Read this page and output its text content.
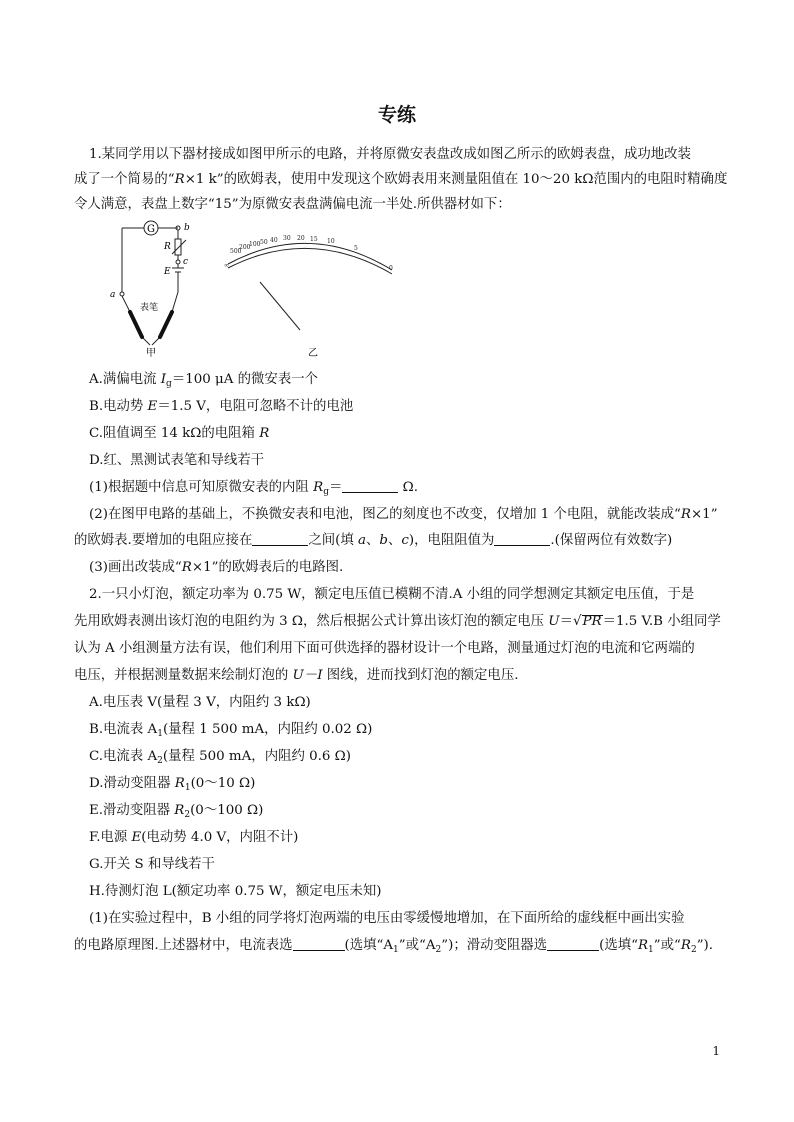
专练
1.某同学用以下器材接成如图甲所示的电路，并将原微安表盘改成如图乙所示的欧姆表盘，成功地改装
成了一个简易的“R×1 k”的欧姆表，使用中发现这个欧姆表用来测量阻值在 10～20 kΩ范围内的电阻时精确度
令人满意，表盘上数字“15”为原微安表盘满偏电流一半处.所供器材如下：
G	b
R
c
E
a
表笔
甲
∞
500
200
100 50 40 30 20 15 10
5
0
乙
A.满偏电流 $I_g=100$ μA 的微安表一个
B.电动势 E＝1.5 V，电阻可忽略不计的电池
C.阻值调至 14 kΩ的电阻箱 R
D.红、黑测试表笔和导线若干
(1)根据题中信息可知原微安表的内阻 $R_g=$	Ω.
(2)在图甲电路的基础上，不换微安表和电池，图乙的刻度也不改变，仅增加 1 个电阻，就能改装成“R×1”
的欧姆表.要增加的电阻应接在	之间(填 a、b、c)，电阻阻值为	.(保留两位有效数字)
(3)画出改装成“R×1”的欧姆表后的电路图.
2.一只小灯泡，额定功率为 0.75 W，额定电压值已模糊不清.A 小组的同学想测定其额定电压值，于是
先用欧姆表测出该灯泡的电阻约为 3 Ω，然后根据公式计算出该灯泡的额定电压 U＝√PR＝1.5 V.B 小组同学
认为 A 小组测量方法有误，他们利用下面可供选择的器材设计一个电路，测量通过灯泡的电流和它两端的
电压，并根据测量数据来绘制灯泡的 U－I 图线，进而找到灯泡的额定电压.
A.电压表 V(量程 3 V，内阻约 3 kΩ)
B.电流表 $A_1$(量程 1 500 mA，内阻约 0.02 Ω)
C.电流表 $A_2$(量程 500 mA，内阻约 0.6 Ω)
D.滑动变阻器 $R_1(0\sim 10$ Ω)
E.滑动变阻器 $R_2(0\sim 100$ Ω)
F.电源 E(电动势 4.0 V，内阻不计)
G.开关 S 和导线若干
H.待测灯泡 L(额定功率 0.75 W，额定电压未知)
(1)在实验过程中，B 小组的同学将灯泡两端的电压由零缓慢地增加，在下面所给的虚线框中画出实验
的电路原理图.上述器材中，电流表选	(选填“$A_1$”或“$A_2$”)；滑动变阻器选	(选填“$R_1$”或“$R_2$”).
1
